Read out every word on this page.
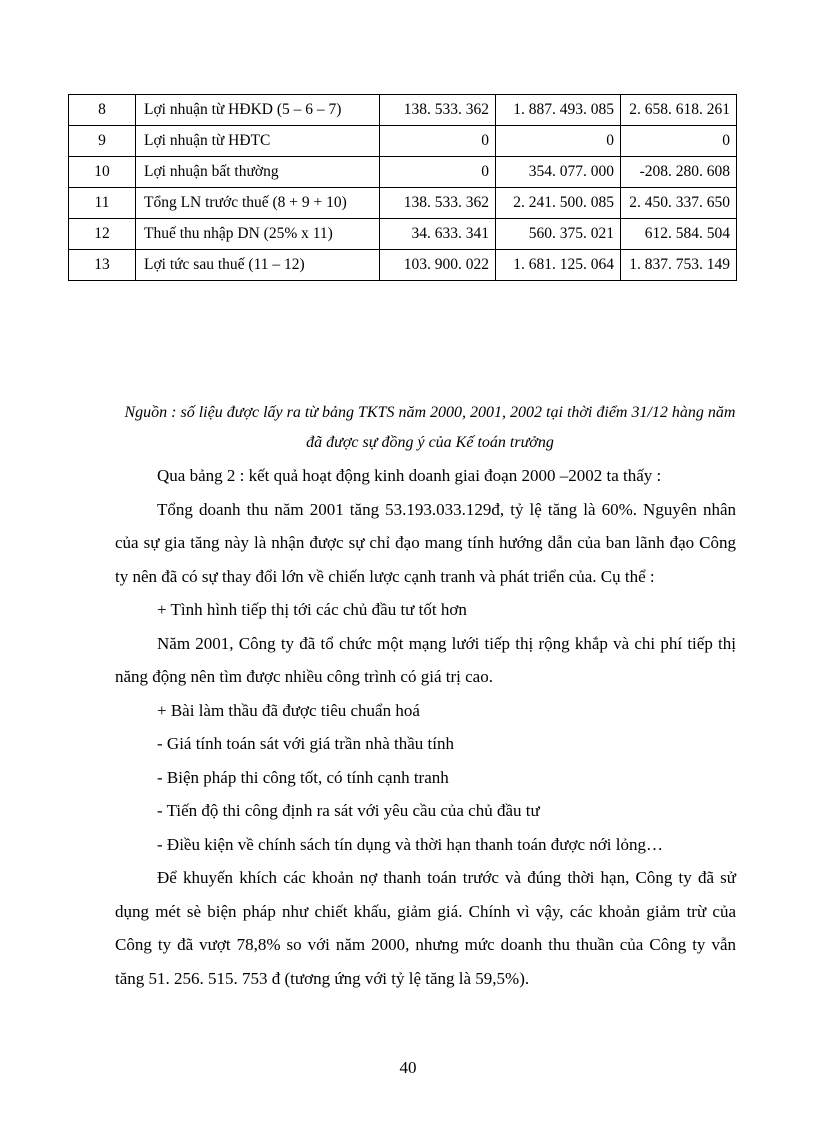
8	Lợi nhuận từ HĐKD (5 – 6 – 7)	138. 533. 362	1. 887. 493. 085	2. 658. 618. 261
9	Lợi nhuận từ HĐTC	0	0	0
10	Lợi nhuận bất thường	0	354. 077. 000	-208. 280. 608
11	Tổng LN trước thuế (8 + 9 + 10)	138. 533. 362	2. 241. 500. 085	2. 450. 337. 650
12	Thuế thu nhập DN (25% x 11)	34. 633. 341	560. 375. 021	612. 584. 504
13	Lợi tức sau thuế (11 – 12)	103. 900. 022	1. 681. 125. 064	1. 837. 753. 149
Nguồn : số liệu được lấy ra từ bảng TKTS năm 2000, 2001, 2002 tại thời điểm 31/12 hàng năm đã được sự đồng ý của Kế toán trưởng

Qua bảng 2 : kết quả hoạt động kinh doanh giai đoạn 2000 –2002 ta thấy :

Tổng doanh thu năm 2001 tăng 53.193.033.129đ, tỷ lệ tăng là 60%. Nguyên nhân của sự gia tăng này là nhận được sự chỉ đạo mang tính hướng dẫn của ban lãnh đạo Công ty nên đã có sự thay đổi lớn về chiến lược cạnh tranh và phát triển của. Cụ thể :

+ Tình hình tiếp thị tới các chủ đầu tư tốt hơn

Năm 2001, Công ty đã tổ chức một mạng lưới tiếp thị rộng khắp và chi phí tiếp thị năng động nên tìm được nhiều công trình có giá trị cao.

+ Bài làm thầu đã được tiêu chuẩn hoá

- Giá tính toán sát với giá trần nhà thầu tính

- Biện pháp thi công tốt, có tính cạnh tranh

- Tiến độ thi công định ra sát với yêu cầu của chủ đầu tư

- Điều kiện về chính sách tín dụng và thời hạn thanh toán được nới lỏng…

Để khuyến khích các khoản nợ thanh toán trước và đúng thời hạn, Công ty đã sử dụng mét sè biện pháp như chiết khấu, giảm giá. Chính vì vậy, các khoản giảm trừ của Công ty đã vượt 78,8% so với năm 2000, nhưng mức doanh thu thuần của Công ty vẫn tăng 51. 256. 515. 753 đ (tương ứng với tỷ lệ tăng là 59,5%).

40
